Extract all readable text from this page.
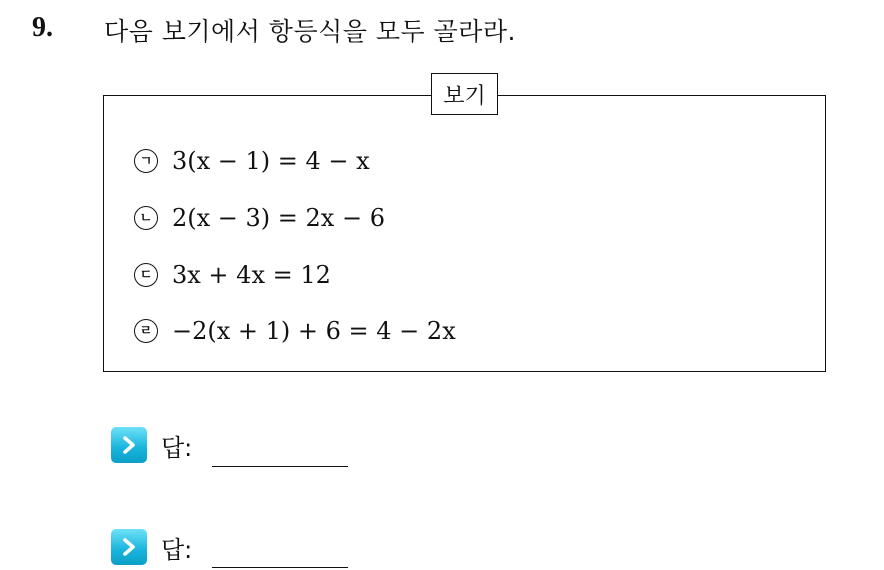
9. 다음 보기에서 항등식을 모두 골라라.
보기
ㄱ 3(x − 1) = 4 − x
ㄴ 2(x − 3) = 2x − 6
ㄷ 3x + 4x = 12
ㄹ −2(x + 1) + 6 = 4 − 2x
답:
답:
